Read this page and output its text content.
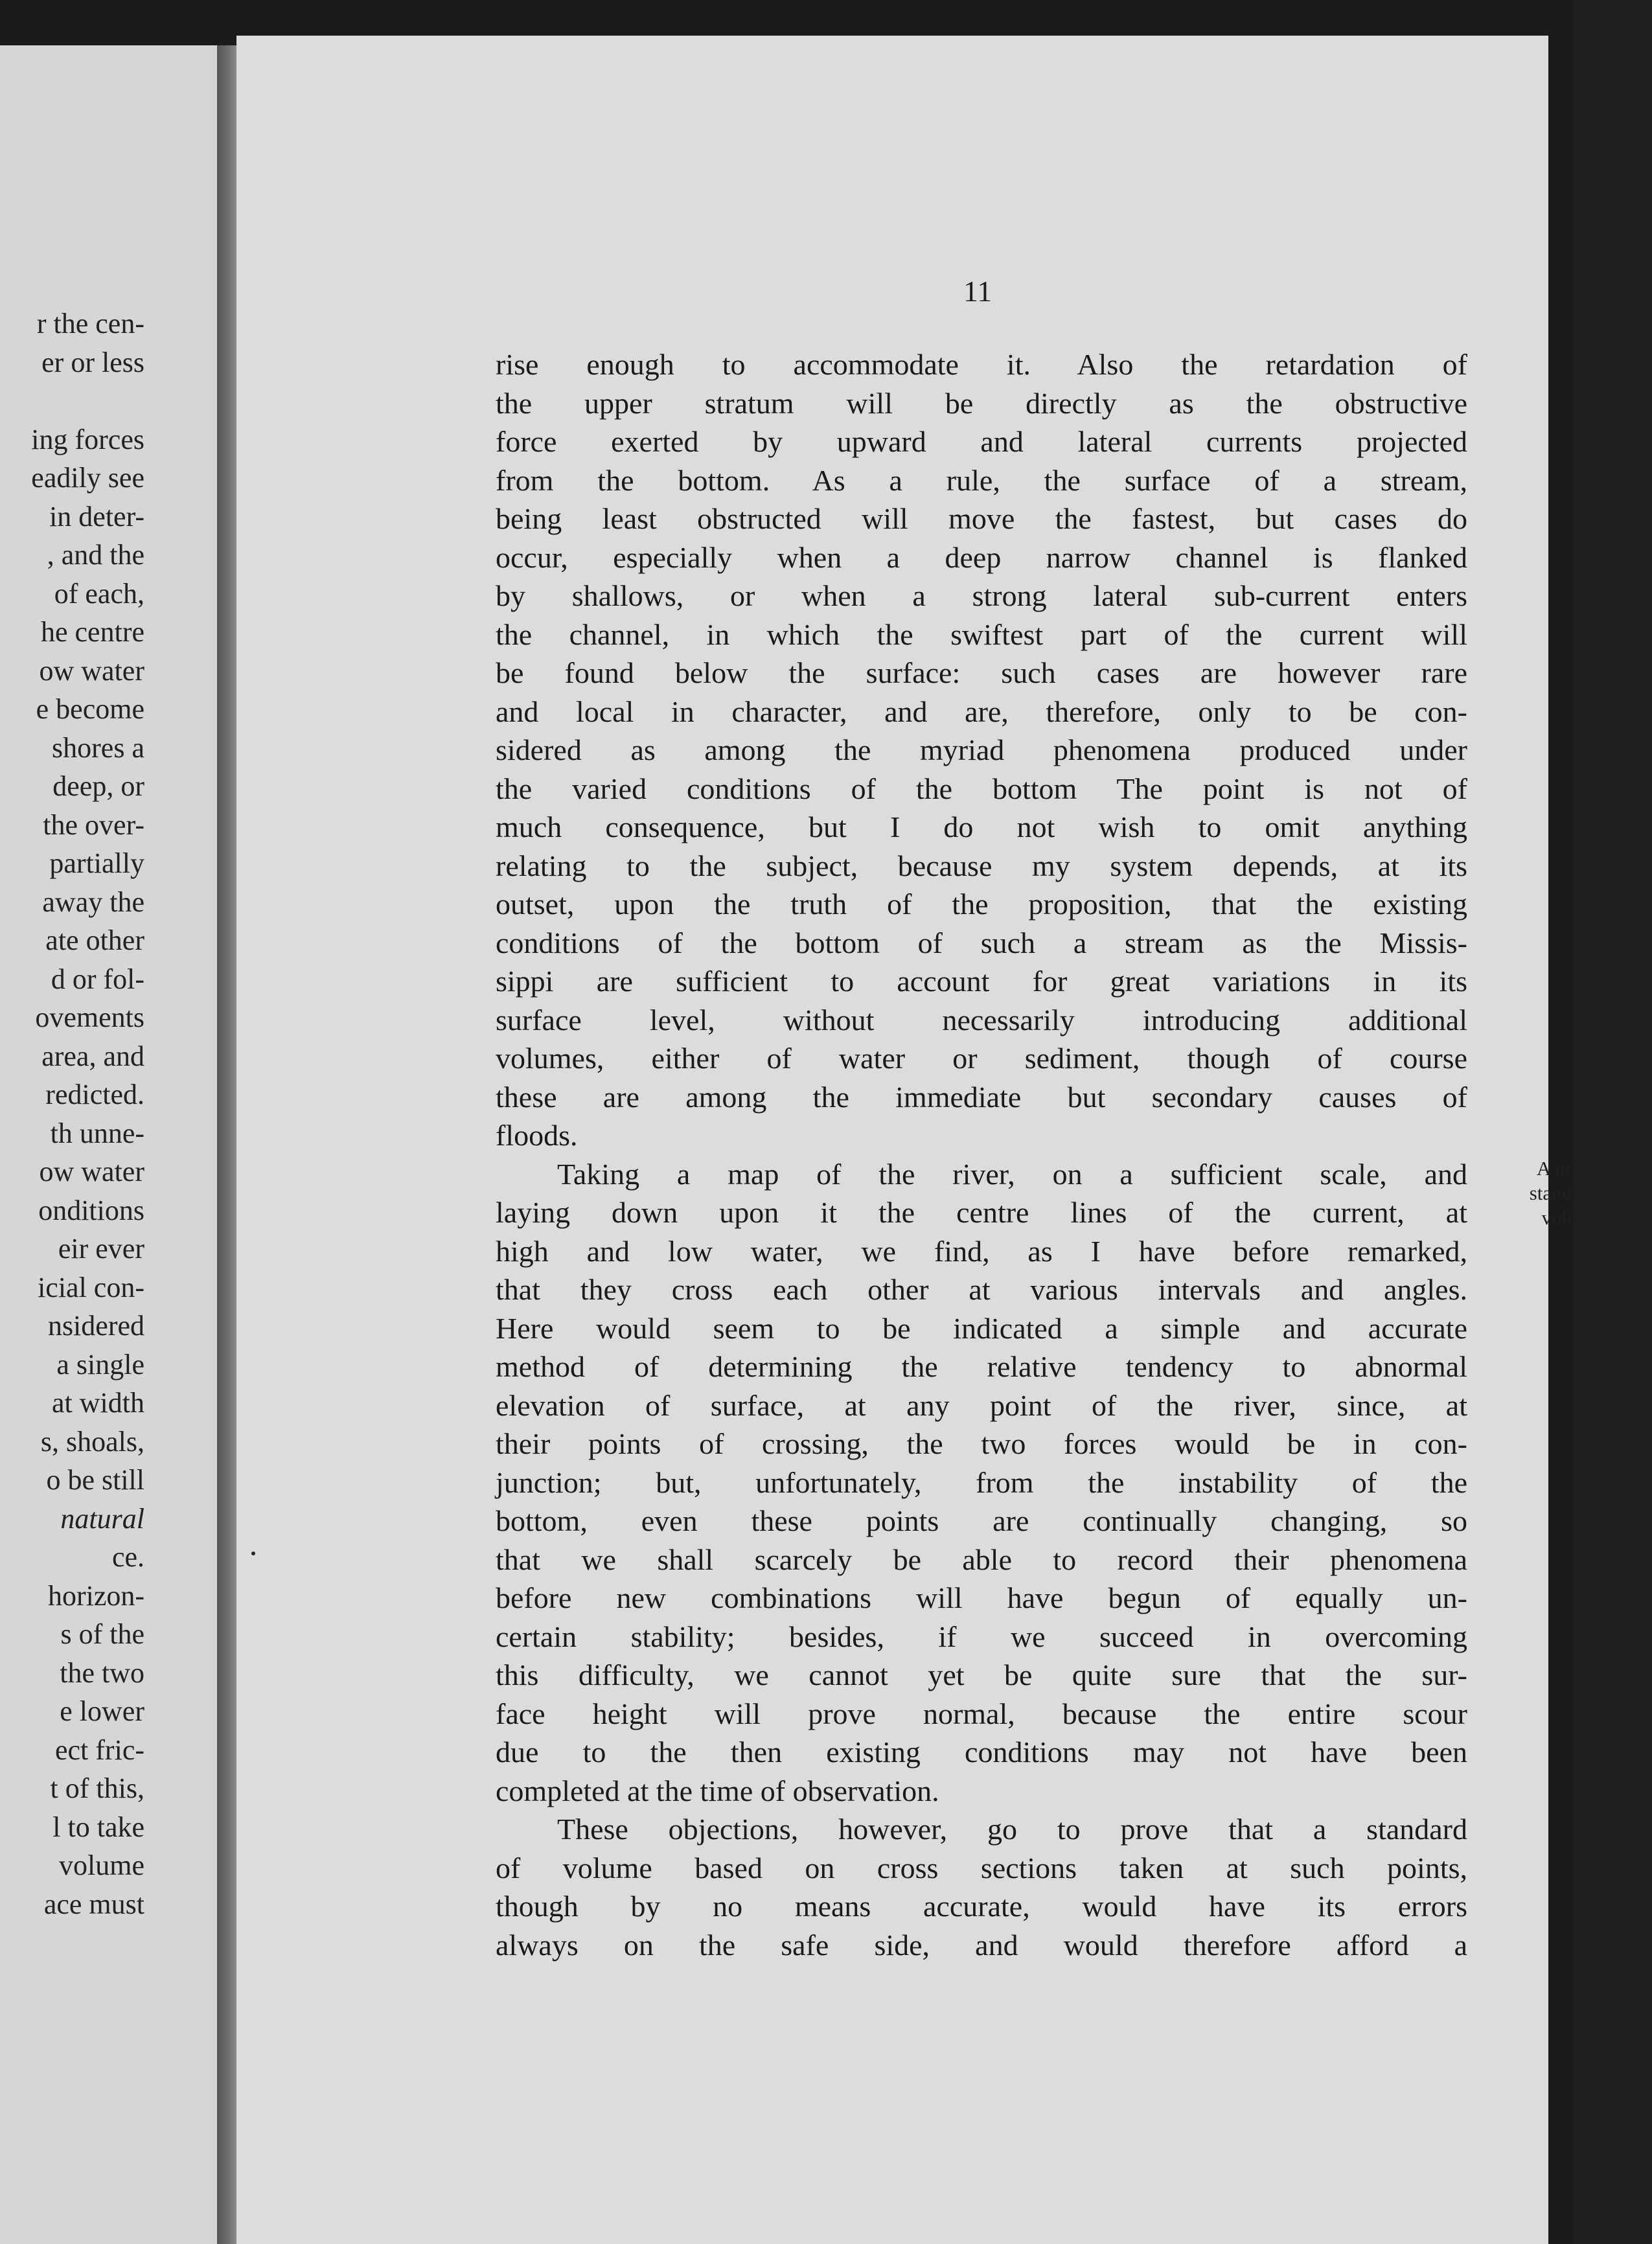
r the cen-
er or less
ing forces
eadily see
in deter-
, and the
of each,
he centre
ow water
e become
shores a
deep, or
the over-
partially
away the
ate other
d or fol-
ovements
area, and
redicted.
th unne-
ow water
onditions
eir ever
icial con-
nsidered
a single
at width
s, shoals,
o be still
natural
ce.
horizon-
s of the
the two
e lower
ect fric-
t of this,
l to take
volume
ace must
11
rise enough to accommodate it. Also the retardation of
the upper stratum will be directly as the obstructive
force exerted by upward and lateral currents projected
from the bottom. As a rule, the surface of a stream,
being least obstructed will move the fastest, but cases do
occur, especially when a deep narrow channel is flanked
by shallows, or when a strong lateral sub-current enters
the channel, in which the swiftest part of the current will
be found below the surface: such cases are however rare
and local in character, and are, therefore, only to be con-
sidered as among the myriad phenomena produced under
the varied conditions of the bottom The point is not of
much consequence, but I do not wish to omit anything
relating to the subject, because my system depends, at its
outset, upon the truth of the proposition, that the existing
conditions of the bottom of such a stream as the Missis-
sippi are sufficient to account for great variations in its
surface level, without necessarily introducing additional
volumes, either of water or sediment, though of course
these are among the immediate but secondary causes of
floods.
Taking a map of the river, on a sufficient scale, and
laying down upon it the centre lines of the current, at
high and low water, we find, as I have before remarked,
that they cross each other at various intervals and angles.
Here would seem to be indicated a simple and accurate
method of determining the relative tendency to abnormal
elevation of surface, at any point of the river, since, at
their points of crossing, the two forces would be in con-
junction; but, unfortunately, from the instability of the
bottom, even these points are continually changing, so
that we shall scarcely be able to record their phenomena
before new combinations will have begun of equally un-
certain stability; besides, if we succeed in overcoming
this difficulty, we cannot yet be quite sure that the sur-
face height will prove normal, because the entire scour
due to the then existing conditions may not have been
completed at the time of observation.
These objections, however, go to prove that a standard
of volume based on cross sections taken at such points,
though by no means accurate, would have its errors
always on the safe side, and would therefore afford a
A normal
standard of
volume.
